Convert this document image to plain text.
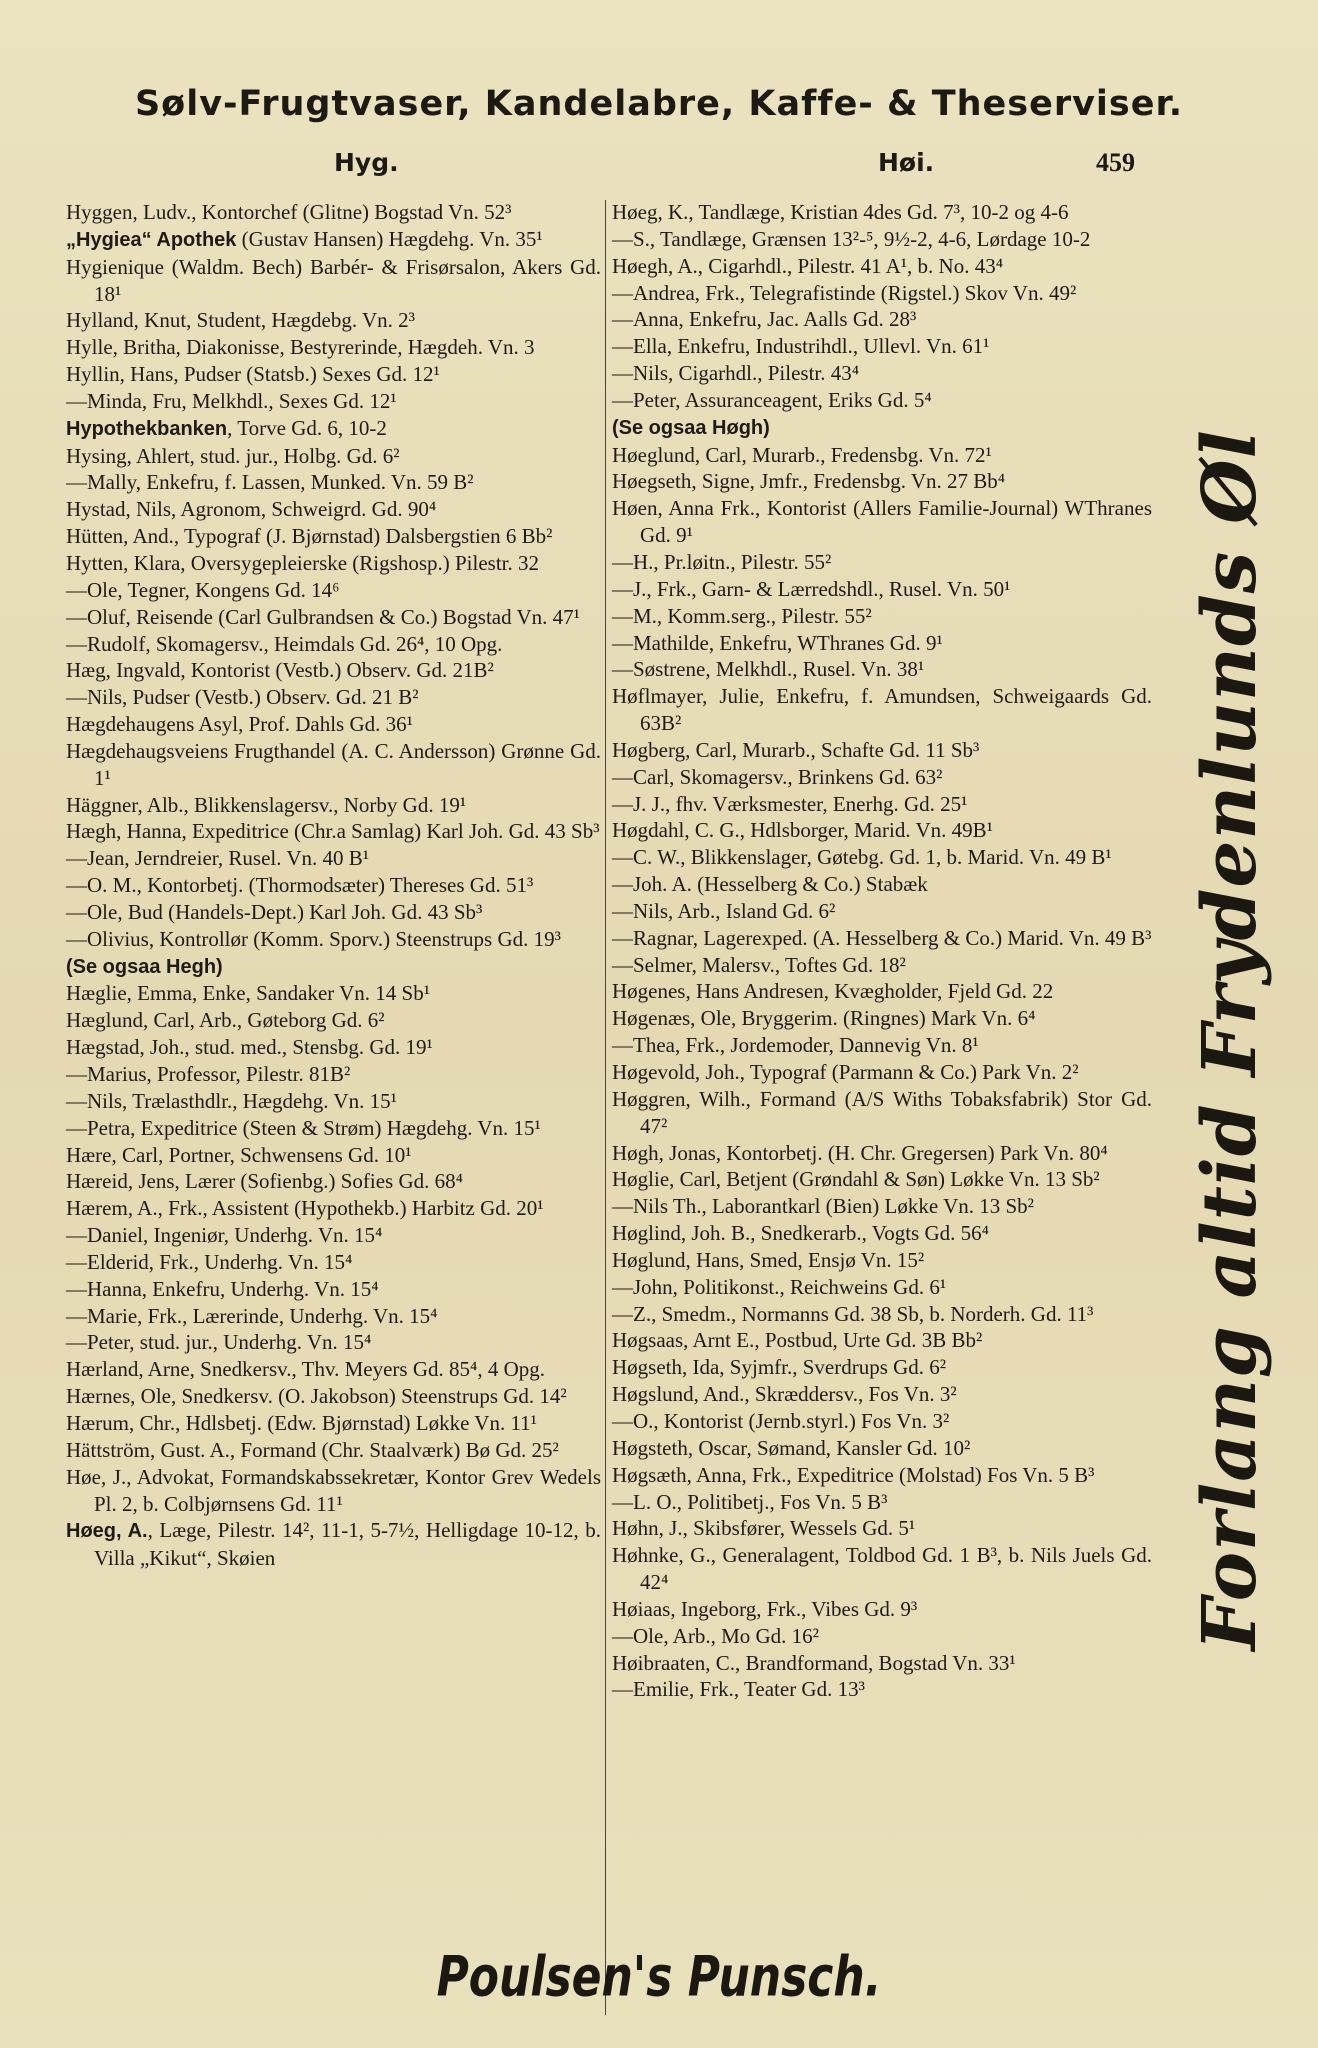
Sølv-Frugtvaser, Kandelabre, Kaffe- & Theserviser.
Hyg.	Høi.	459
Hyggen, Ludv., Kontorchef (Glitne) Bogstad Vn. 52³
„Hygiea“ Apothek (Gustav Hansen) Hægdehg. Vn. 35¹
Hygienique (Waldm. Bech) Barbér- & Frisørsalon, Akers Gd. 18¹
Hylland, Knut, Student, Hægdebg. Vn. 2³
Hylle, Britha, Diakonisse, Bestyrerinde, Hægdeh. Vn. 3
Hyllin, Hans, Pudser (Statsb.) Sexes Gd. 12¹
—Minda, Fru, Melkhdl., Sexes Gd. 12¹
Hypothekbanken, Torve Gd. 6, 10-2
Hysing, Ahlert, stud. jur., Holbg. Gd. 6²
—Mally, Enkefru, f. Lassen, Munked. Vn. 59 B²
Hystad, Nils, Agronom, Schweigrd. Gd. 90⁴
Hütten, And., Typograf (J. Bjørnstad) Dalsbergstien 6 Bb²
Hytten, Klara, Oversygepleierske (Rigshosp.) Pilestr. 32
—Ole, Tegner, Kongens Gd. 14⁶
—Oluf, Reisende (Carl Gulbrandsen & Co.) Bogstad Vn. 47¹
—Rudolf, Skomagersv., Heimdals Gd. 26⁴, 10 Opg.
Hæg, Ingvald, Kontorist (Vestb.) Observ. Gd. 21B²
—Nils, Pudser (Vestb.) Observ. Gd. 21 B²
Hægdehaugens Asyl, Prof. Dahls Gd. 36¹
Hægdehaugsveiens Frugthandel (A. C. Andersson) Grønne Gd. 1¹
Häggner, Alb., Blikkenslagersv., Norby Gd. 19¹
Hægh, Hanna, Expeditrice (Chr.a Samlag) Karl Joh. Gd. 43 Sb³
—Jean, Jerndreier, Rusel. Vn. 40 B¹
—O. M., Kontorbetj. (Thormodsæter) Thereses Gd. 51³
—Ole, Bud (Handels-Dept.) Karl Joh. Gd. 43 Sb³
—Olivius, Kontrollør (Komm. Sporv.) Steenstrups Gd. 19³
(Se ogsaa Hegh)
Hæglie, Emma, Enke, Sandaker Vn. 14 Sb¹
Hæglund, Carl, Arb., Gøteborg Gd. 6²
Hægstad, Joh., stud. med., Stensbg. Gd. 19¹
—Marius, Professor, Pilestr. 81B²
—Nils, Trælasthdlr., Hægdehg. Vn. 15¹
—Petra, Expeditrice (Steen & Strøm) Hægdehg. Vn. 15¹
Hære, Carl, Portner, Schwensens Gd. 10¹
Hæreid, Jens, Lærer (Sofienbg.) Sofies Gd. 68⁴
Hærem, A., Frk., Assistent (Hypothekb.) Harbitz Gd. 20¹
—Daniel, Ingeniør, Underhg. Vn. 15⁴
—Elderid, Frk., Underhg. Vn. 15⁴
—Hanna, Enkefru, Underhg. Vn. 15⁴
—Marie, Frk., Lærerinde, Underhg. Vn. 15⁴
—Peter, stud. jur., Underhg. Vn. 15⁴
Hærland, Arne, Snedkersv., Thv. Meyers Gd. 85⁴, 4 Opg.
Hærnes, Ole, Snedkersv. (O. Jakobson) Steenstrups Gd. 14²
Hærum, Chr., Hdlsbetj. (Edw. Bjørnstad) Løkke Vn. 11¹
Hättström, Gust. A., Formand (Chr. Staalværk) Bø Gd. 25²
Høe, J., Advokat, Formandskabssekretær, Kontor Grev Wedels Pl. 2, b. Colbjørnsens Gd. 11¹
Høeg, A., Læge, Pilestr. 14², 11-1, 5-7½, Helligdage 10-12, b. Villa „Kikut“, Skøien
Høeg, K., Tandlæge, Kristian 4des Gd. 7³, 10-2 og 4-6
—S., Tandlæge, Grænsen 13²-⁵, 9½-2, 4-6, Lørdage 10-2
Høegh, A., Cigarhdl., Pilestr. 41 A¹, b. No. 43⁴
—Andrea, Frk., Telegrafistinde (Rigstel.) Skov Vn. 49²
—Anna, Enkefru, Jac. Aalls Gd. 28³
—Ella, Enkefru, Industrihdl., Ullevl. Vn. 61¹
—Nils, Cigarhdl., Pilestr. 43⁴
—Peter, Assuranceagent, Eriks Gd. 5⁴
(Se ogsaa Høgh)
Høeglund, Carl, Murarb., Fredensbg. Vn. 72¹
Høegseth, Signe, Jmfr., Fredensbg. Vn. 27 Bb⁴
Høen, Anna Frk., Kontorist (Allers Familie-Journal) WThranes Gd. 9¹
—H., Pr.løitn., Pilestr. 55²
—J., Frk., Garn- & Lærredshdl., Rusel. Vn. 50¹
—M., Komm.serg., Pilestr. 55²
—Mathilde, Enkefru, WThranes Gd. 9¹
—Søstrene, Melkhdl., Rusel. Vn. 38¹
Høflmayer, Julie, Enkefru, f. Amundsen, Schweigaards Gd. 63B²
Høgberg, Carl, Murarb., Schafte Gd. 11 Sb³
—Carl, Skomagersv., Brinkens Gd. 63²
—J. J., fhv. Værksmester, Enerhg. Gd. 25¹
Høgdahl, C. G., Hdlsborger, Marid. Vn. 49B¹
—C. W., Blikkenslager, Gøtebg. Gd. 1, b. Marid. Vn. 49 B¹
—Joh. A. (Hesselberg & Co.) Stabæk
—Nils, Arb., Island Gd. 6²
—Ragnar, Lagerexped. (A. Hesselberg & Co.) Marid. Vn. 49 B³
—Selmer, Malersv., Toftes Gd. 18²
Høgenes, Hans Andresen, Kvægholder, Fjeld Gd. 22
Høgenæs, Ole, Bryggerim. (Ringnes) Mark Vn. 6⁴
—Thea, Frk., Jordemoder, Dannevig Vn. 8¹
Høgevold, Joh., Typograf (Parmann & Co.) Park Vn. 2²
Høggren, Wilh., Formand (A/S Withs Tobaksfabrik) Stor Gd. 47²
Høgh, Jonas, Kontorbetj. (H. Chr. Gregersen) Park Vn. 80⁴
Høglie, Carl, Betjent (Grøndahl & Søn) Løkke Vn. 13 Sb²
—Nils Th., Laborantkarl (Bien) Løkke Vn. 13 Sb²
Høglind, Joh. B., Snedkerarb., Vogts Gd. 56⁴
Høglund, Hans, Smed, Ensjø Vn. 15²
—John, Politikonst., Reichweins Gd. 6¹
—Z., Smedm., Normanns Gd. 38 Sb, b. Norderh. Gd. 11³
Høgsaas, Arnt E., Postbud, Urte Gd. 3B Bb²
Høgseth, Ida, Syjmfr., Sverdrups Gd. 6²
Høgslund, And., Skræddersv., Fos Vn. 3²
—O., Kontorist (Jernb.styrl.) Fos Vn. 3²
Høgsteth, Oscar, Sømand, Kansler Gd. 10²
Høgsæth, Anna, Frk., Expeditrice (Molstad) Fos Vn. 5 B³
—L. O., Politibetj., Fos Vn. 5 B³
Høhn, J., Skibsfører, Wessels Gd. 5¹
Høhnke, G., Generalagent, Toldbod Gd. 1 B³, b. Nils Juels Gd. 42⁴
Høiaas, Ingeborg, Frk., Vibes Gd. 9³
—Ole, Arb., Mo Gd. 16²
Høibraaten, C., Brandformand, Bogstad Vn. 33¹
—Emilie, Frk., Teater Gd. 13³
Forlang altid Frydenlunds Øl
Poulsen's Punsch.
